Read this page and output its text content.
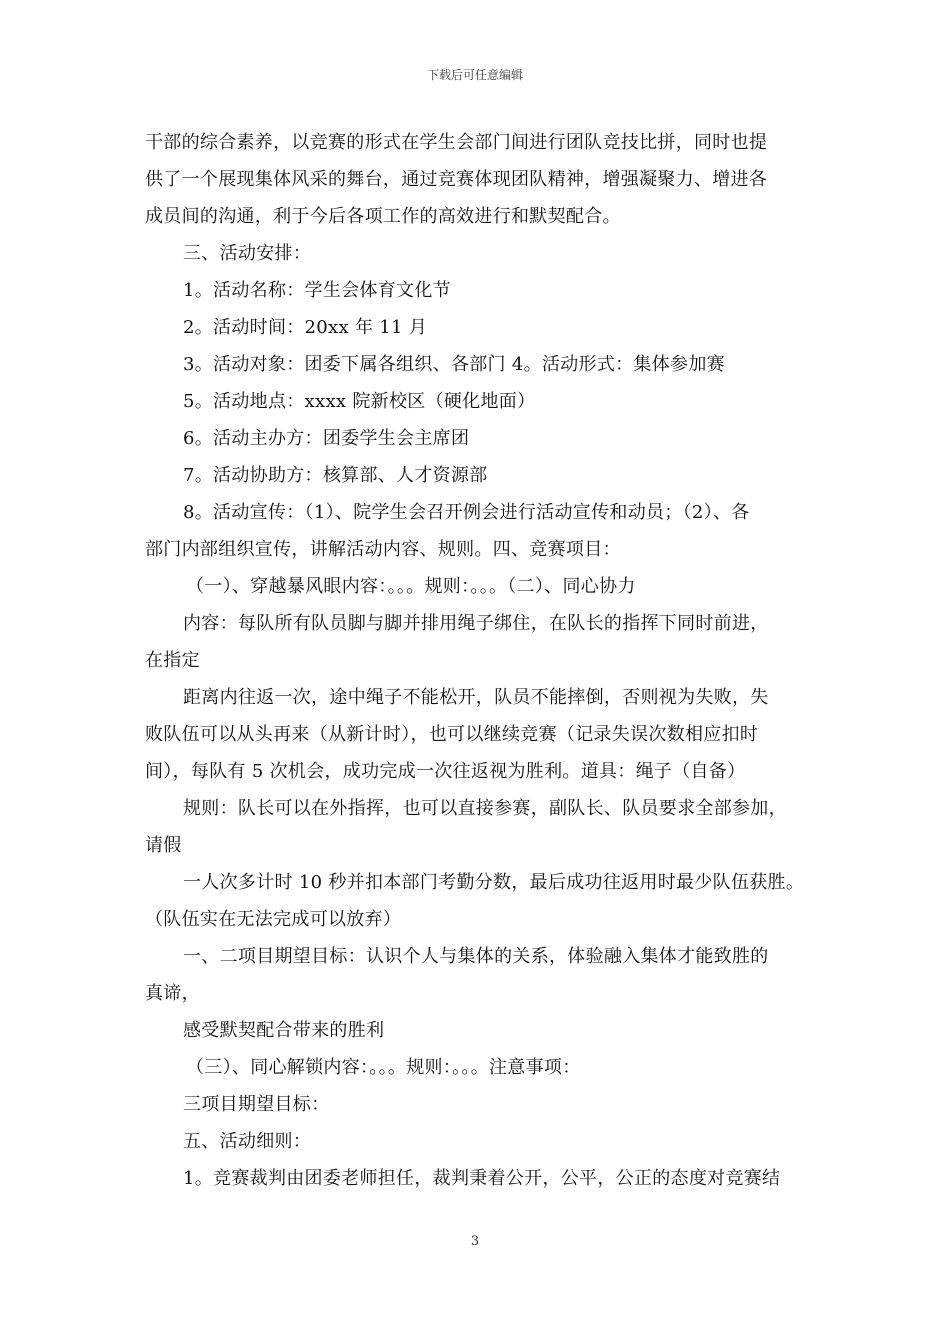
下载后可任意编辑
干部的综合素养，以竞赛的形式在学生会部门间进行团队竞技比拼，同时也提
供了一个展现集体风采的舞台，通过竞赛体现团队精神，增强凝聚力、增进各
成员间的沟通，利于今后各项工作的高效进行和默契配合。
三、活动安排：
1。活动名称：学生会体育文化节
2。活动时间：20xx 年 11 月
3。活动对象：团委下属各组织、各部门 4。活动形式：集体参加赛
5。活动地点：xxxx 院新校区（硬化地面）
6。活动主办方：团委学生会主席团
7。活动协助方：核算部、人才资源部
8。活动宣传：（1）、院学生会召开例会进行活动宣传和动员；（2）、各
部门内部组织宣传，讲解活动内容、规则。四、竞赛项目：
（一）、穿越暴风眼内容：。。。规则：。。。（二）、同心协力
内容：每队所有队员脚与脚并排用绳子绑住，在队长的指挥下同时前进，
在指定
距离内往返一次，途中绳子不能松开，队员不能摔倒，否则视为失败，失
败队伍可以从头再来（从新计时），也可以继续竞赛（记录失误次数相应扣时
间），每队有 5 次机会，成功完成一次往返视为胜利。道具：绳子（自备）
规则：队长可以在外指挥，也可以直接参赛，副队长、队员要求全部参加，
请假
一人次多计时 10 秒并扣本部门考勤分数，最后成功往返用时最少队伍获胜。
（队伍实在无法完成可以放弃）
一、二项目期望目标：认识个人与集体的关系，体验融入集体才能致胜的
真谛，
感受默契配合带来的胜利
（三）、同心解锁内容：。。。规则：。。。注意事项：
三项目期望目标：
五、活动细则：
1。竞赛裁判由团委老师担任，裁判秉着公开，公平，公正的态度对竞赛结
3
